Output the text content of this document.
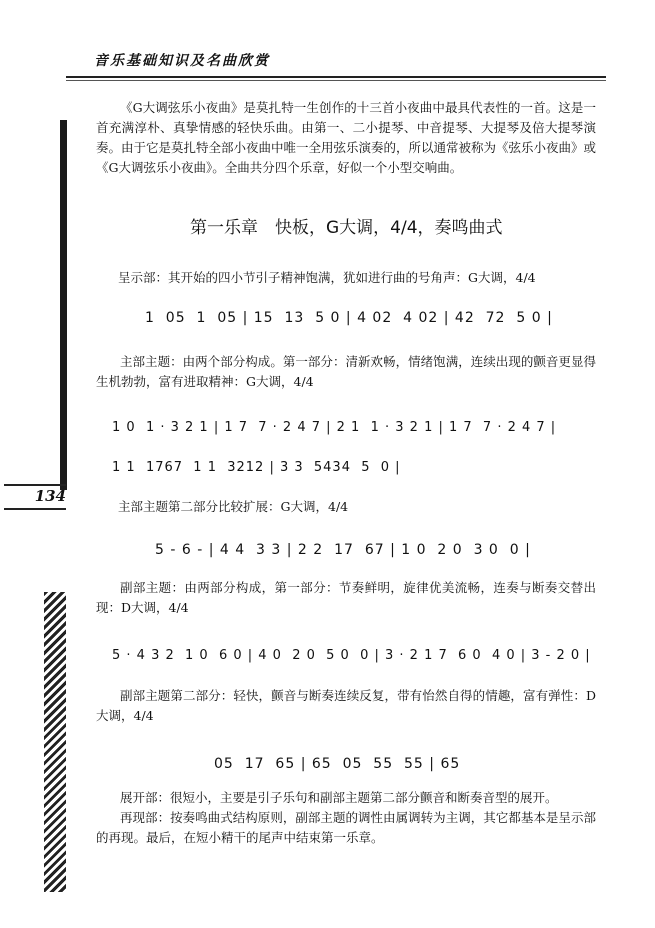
音乐基础知识及名曲欣赏
134
《G大调弦乐小夜曲》是莫扎特一生创作的十三首小夜曲中最具代表性的一首。这是一首充满淳朴、真挚情感的轻快乐曲。由第一、二小提琴、中音提琴、大提琴及倍大提琴演奏。由于它是莫扎特全部小夜曲中唯一全用弦乐演奏的，所以通常被称为《弦乐小夜曲》或《G大调弦乐小夜曲》。全曲共分四个乐章，好似一个小型交响曲。
第一乐章　快板，G大调，4/4，奏鸣曲式
呈示部：其开始的四小节引子精神饱满，犹如进行曲的号角声：G大调，4/4
1  05  1  05 | 15  13  5 0 | 4 02  4 02 | 42  72  5 0 |
主部主题：由两个部分构成。第一部分：清新欢畅，情绪饱满，连续出现的颤音更显得生机勃勃，富有进取精神：G大调，4/4
1 0  1 · 3 2 1 | 1 7  7 · 2 4 7 | 2 1  1 · 3 2 1 | 1 7  7 · 2 4 7 |
1 1  1767  1 1  3212 | 3 3  5434  5  0 |
主部主题第二部分比较扩展：G大调，4/4
5 - 6 - | 4 4  3 3 | 2 2  17  67 | 1 0  2 0  3 0  0 |
副部主题：由两部分构成，第一部分：节奏鲜明，旋律优美流畅，连奏与断奏交替出现：D大调，4/4
5 · 4 3 2  1 0  6 0 | 4 0  2 0  5 0  0 | 3 · 2 1 7  6 0  4 0 | 3 - 2 0 |
副部主题第二部分：轻快，颤音与断奏连续反复，带有怡然自得的情趣，富有弹性：D大调，4/4
05  17  65 | 65  05  55  55 | 65
展开部：很短小，主要是引子乐句和副部主题第二部分颤音和断奏音型的展开。
再现部：按奏鸣曲式结构原则，副部主题的调性由属调转为主调，其它都基本是呈示部的再现。最后，在短小精干的尾声中结束第一乐章。
